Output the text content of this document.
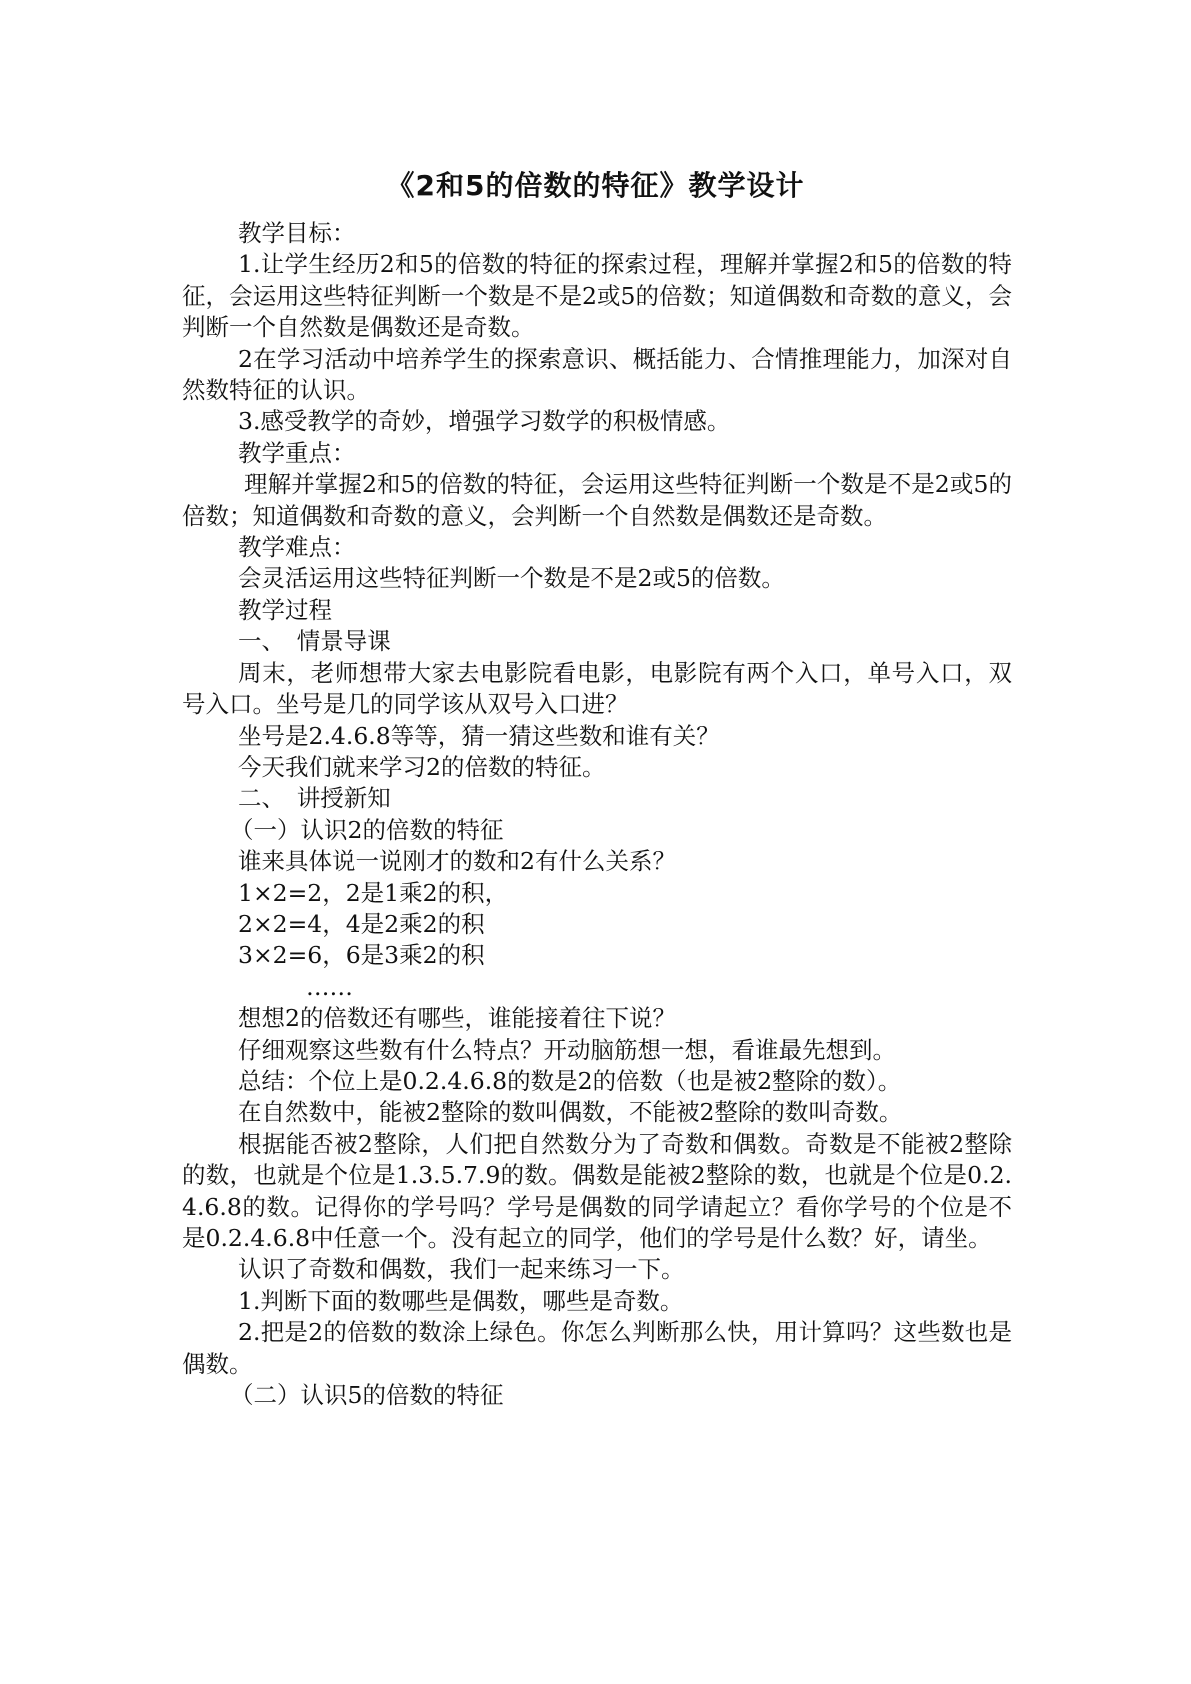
《2和5的倍数的特征》教学设计

教学目标：

1.让学生经历2和5的倍数的特征的探索过程，理解并掌握2和5的倍数的特征，会运用这些特征判断一个数是不是2或5的倍数；知道偶数和奇数的意义，会判断一个自然数是偶数还是奇数。

2在学习活动中培养学生的探索意识、概括能力、合情推理能力，加深对自然数特征的认识。

3.感受教学的奇妙，增强学习数学的积极情感。

教学重点：

理解并掌握2和5的倍数的特征，会运用这些特征判断一个数是不是2或5的倍数；知道偶数和奇数的意义，会判断一个自然数是偶数还是奇数。

教学难点：

会灵活运用这些特征判断一个数是不是2或5的倍数。

教学过程

一、　情景导课

周末，老师想带大家去电影院看电影，电影院有两个入口，单号入口，双号入口。坐号是几的同学该从双号入口进？

坐号是2.4.6.8等等，猜一猜这些数和谁有关？

今天我们就来学习2的倍数的特征。

二、　讲授新知

（一）认识2的倍数的特征

谁来具体说一说刚才的数和2有什么关系？

1×2=2，2是1乘2的积，

2×2=4，4是2乘2的积

3×2=6，6是3乘2的积

……

想想2的倍数还有哪些，谁能接着往下说？

仔细观察这些数有什么特点？开动脑筋想一想，看谁最先想到。

总结：个位上是0.2.4.6.8的数是2的倍数（也是被2整除的数）。

在自然数中，能被2整除的数叫偶数，不能被2整除的数叫奇数。

根据能否被2整除，人们把自然数分为了奇数和偶数。奇数是不能被2整除的数，也就是个位是1.3.5.7.9的数。偶数是能被2整除的数，也就是个位是0.2.4.6.8的数。记得你的学号吗？学号是偶数的同学请起立？看你学号的个位是不是0.2.4.6.8中任意一个。没有起立的同学，他们的学号是什么数？好，请坐。

认识了奇数和偶数，我们一起来练习一下。

1.判断下面的数哪些是偶数，哪些是奇数。

2.把是2的倍数的数涂上绿色。你怎么判断那么快，用计算吗？这些数也是偶数。

（二）认识5的倍数的特征
